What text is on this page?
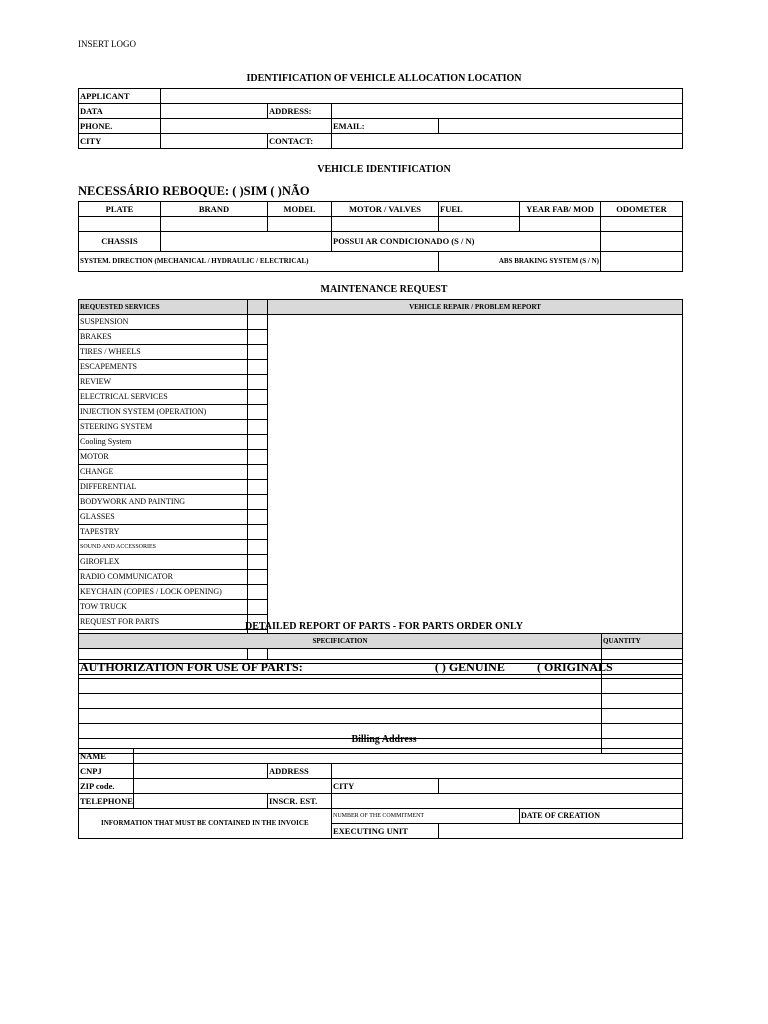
INSERT LOGO
IDENTIFICATION OF VEHICLE ALLOCATION LOCATION
APPLICANT				
DATA		ADDRESS:		
PHONE.			EMAIL:	
CITY		CONTACT:		
VEHICLE IDENTIFICATION
NECESSÁRIO REBOQUE: ( )SIM ( )NÃO
PLATE	BRAND	MODEL	MOTOR / VALVES	FUEL	YEAR FAB/ MOD	ODOMETER

CHASSIS			POSSUI AR CONDICIONADO (S / N)			
SYSTEM. DIRECTION (MECHANICAL / HYDRAULIC / ELECTRICAL)				ABS BRAKING SYSTEM (S / N)		
MAINTENANCE REQUEST
REQUESTED SERVICES		VEHICLE REPAIR / PROBLEM REPORT
SUSPENSION		
BRAKES		
TIRES / WHEELS		
ESCAPEMENTS		
REVIEW		
ELECTRICAL SERVICES		
INJECTION SYSTEM (OPERATION)		
STEERING SYSTEM		
Cooling System		
MOTOR		
CHANGE		
DIFFERENTIAL		
BODYWORK AND PAINTING		
GLASSES		
TAPESTRY		
SOUND AND ACCESSORIES		
GIROFLEX		
RADIO COMMUNICATOR		
KEYCHAIN (COPIES / LOCK OPENING)		
TOW TRUCK		
REQUEST FOR PARTS		

AUTHORIZATION FOR USE OF PARTS: ( ) GENUINE ( ORIGINALS		
DETAILED REPORT OF PARTS - FOR PARTS ORDER ONLY
SPECIFICATION	QUANTITY

Billing Address
NAME					
CNPJ		ADDRESS			
ZIP code.			CITY		
TELEPHONE		INSCR. EST.			
INFORMATION THAT MUST BE CONTAINED IN THE INVOICE			NUMBER OF THE COMMITMENT		DATE OF CREATION
			EXECUTING UNIT		
